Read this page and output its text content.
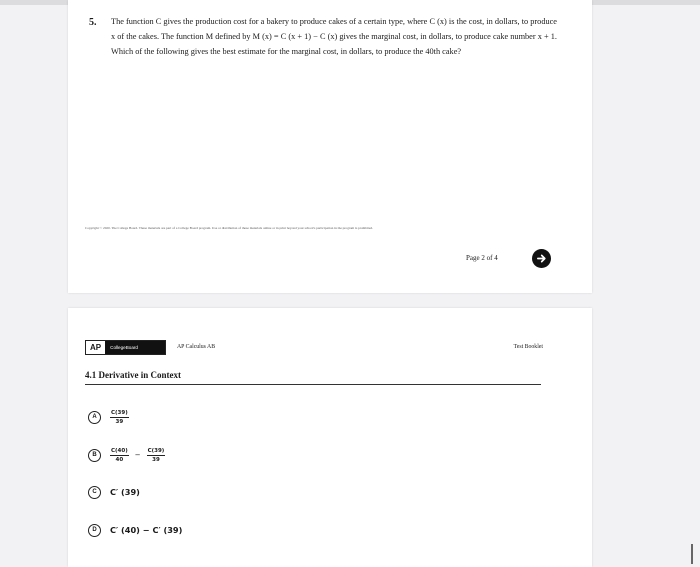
5. The function C gives the production cost for a bakery to produce cakes of a certain type, where C (x) is the cost, in dollars, to produce x of the cakes. The function M defined by M (x) = C (x + 1) − C (x) gives the marginal cost, in dollars, to produce cake number x + 1. Which of the following gives the best estimate for the marginal cost, in dollars, to produce the 40th cake?
Copyright © 2020. The College Board. These materials are part of a College Board program. Use or distribution of these materials online or in print beyond your school's participation in the program is prohibited.
Page 2 of 4
AP	CollegeBoard	AP Calculus AB	Test Booklet
4.1 Derivative in Context
A	$\frac{C(39)}{39}$
B	$\frac{C(40)}{40} - \frac{C(39)}{39}$
C	C′ (39)
D	C′ (40) − C′ (39)
